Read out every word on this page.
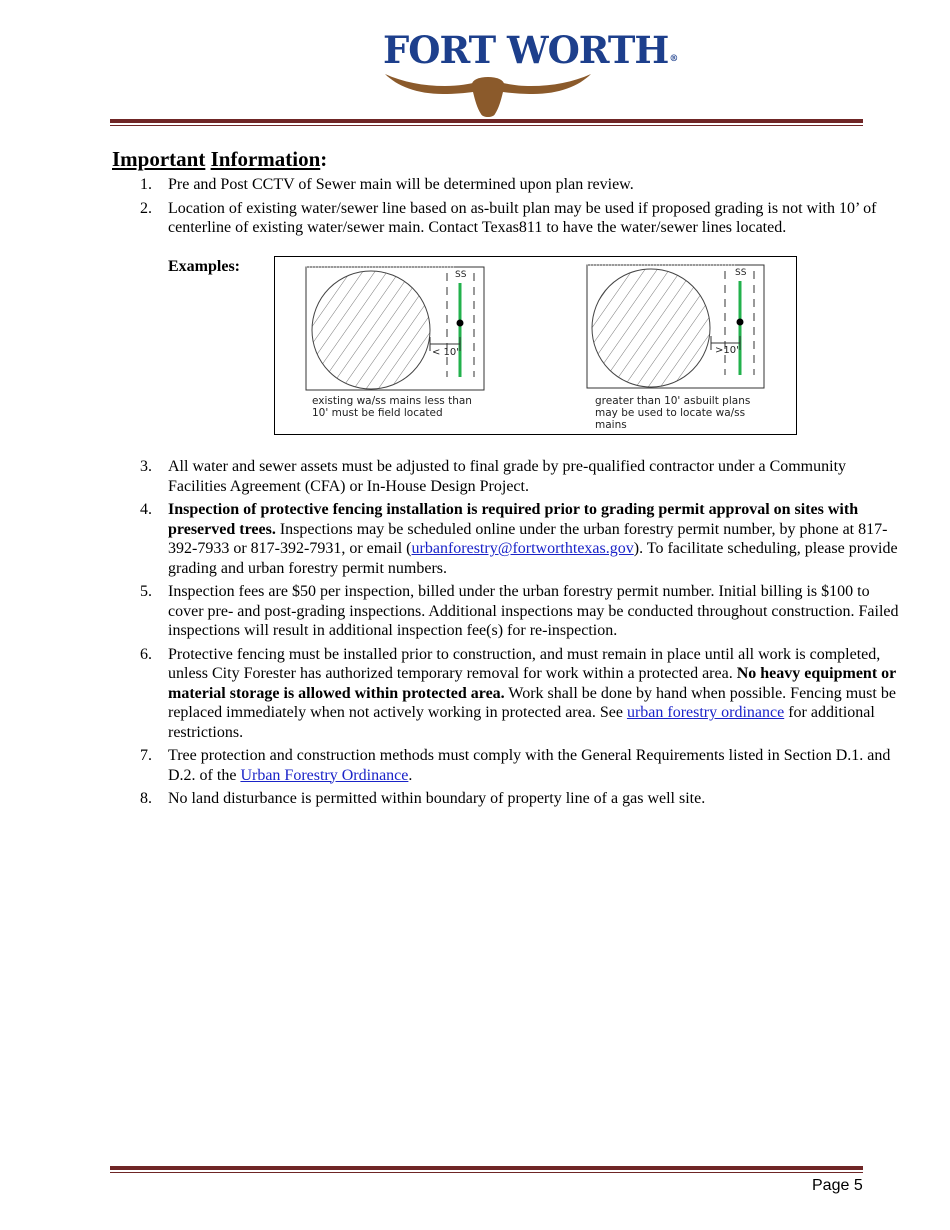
FORT WORTH®
Important Information:
1. Pre and Post CCTV of Sewer main will be determined upon plan review.
2. Location of existing water/sewer line based on as-built plan may be used if proposed grading is not with 10’ of centerline of existing water/sewer main. Contact Texas811 to have the water/sewer lines located.
Examples:	SS
< 10'
SS
>10'
existing wa/ss mains less than 10' must be field located
greater than 10' asbuilt plans may be used to locate wa/ss mains
3. All water and sewer assets must be adjusted to final grade by pre-qualified contractor under a Community Facilities Agreement (CFA) or In-House Design Project.
4. Inspection of protective fencing installation is required prior to grading permit approval on sites with preserved trees. Inspections may be scheduled online under the urban forestry permit number, by phone at 817-392-7933 or 817-392-7931, or email (urbanforestry@fortworthtexas.gov). To facilitate scheduling, please provide grading and urban forestry permit numbers.
5. Inspection fees are $50 per inspection, billed under the urban forestry permit number. Initial billing is $100 to cover pre- and post-grading inspections. Additional inspections may be conducted throughout construction. Failed inspections will result in additional inspection fee(s) for re-inspection.
6. Protective fencing must be installed prior to construction, and must remain in place until all work is completed, unless City Forester has authorized temporary removal for work within a protected area. No heavy equipment or material storage is allowed within protected area. Work shall be done by hand when possible. Fencing must be replaced immediately when not actively working in protected area. See urban forestry ordinance for additional restrictions.
7. Tree protection and construction methods must comply with the General Requirements listed in Section D.1. and D.2. of the Urban Forestry Ordinance.
8. No land disturbance is permitted within boundary of property line of a gas well site.
Page 5
